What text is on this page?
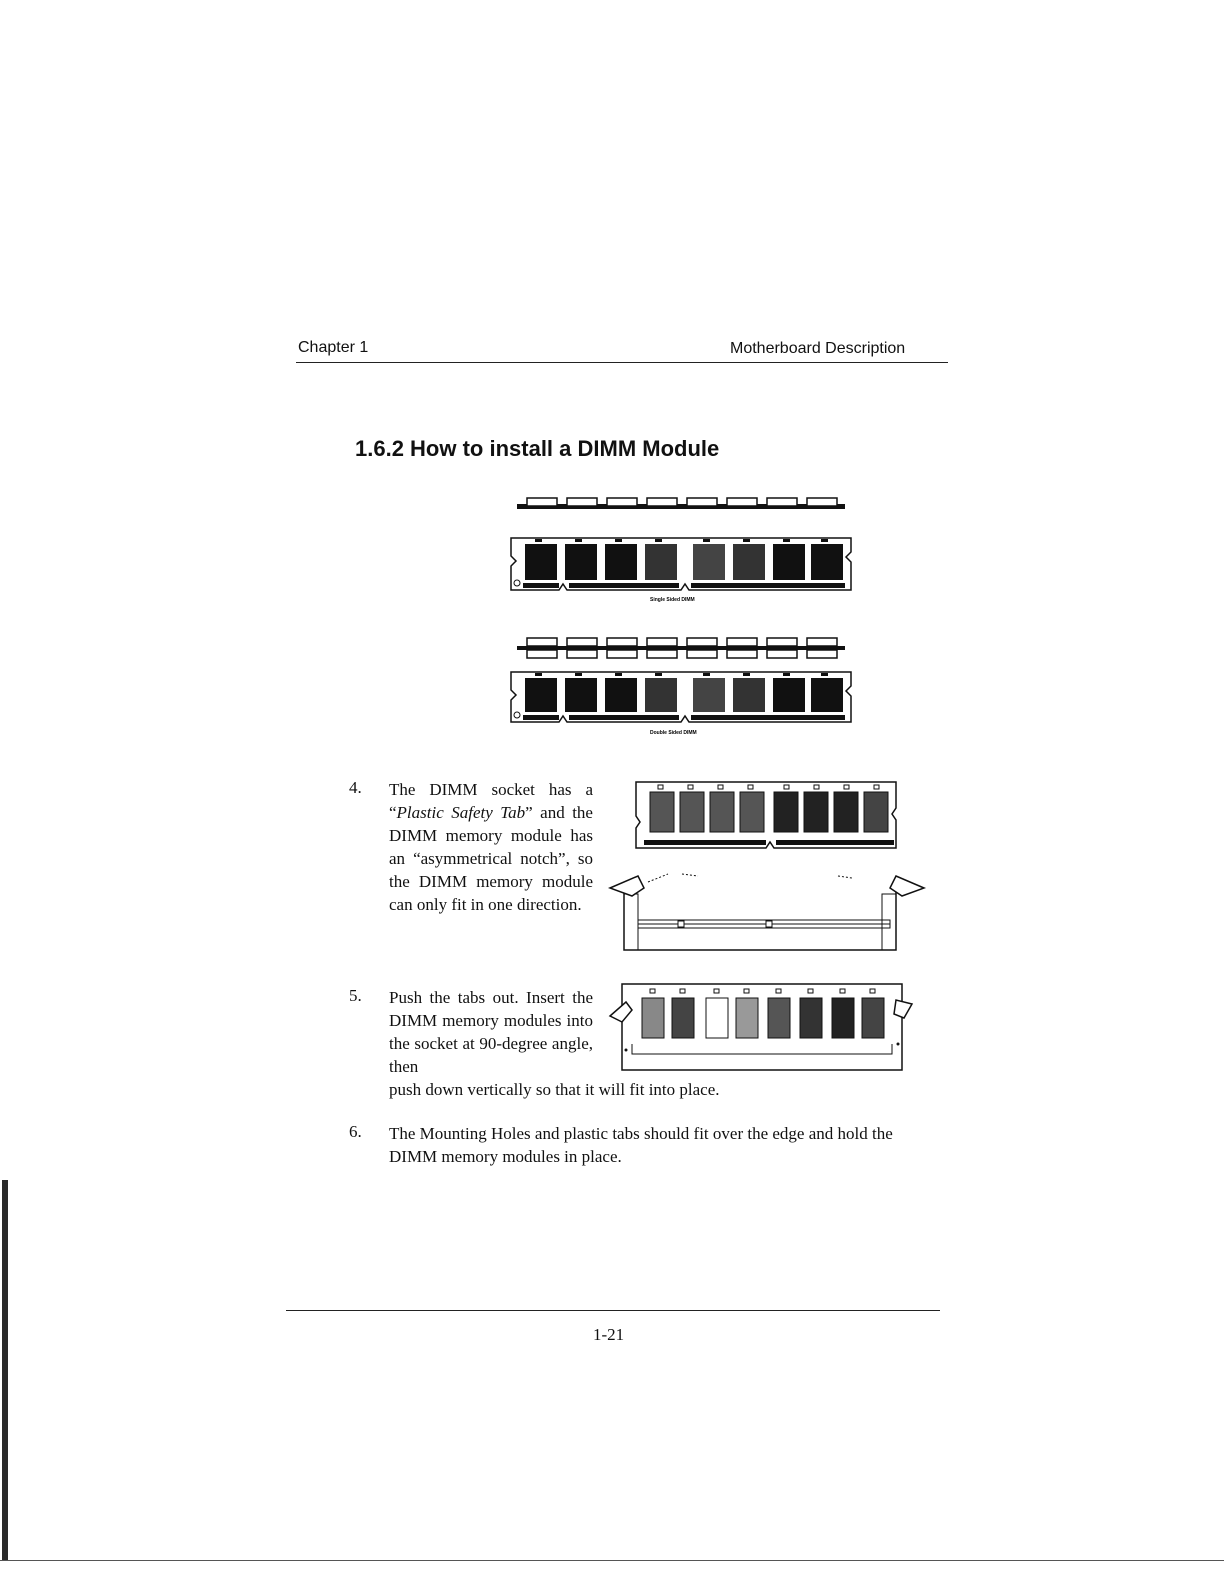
Chapter 1	Motherboard Description
1.6.2 How to install a DIMM Module
Single Sided DIMM
Double Sided DIMM
4. The DIMM socket has a “Plastic Safety Tab” and the DIMM memory module has an “asymmetrical notch”, so the DIMM memory module can only fit in one direction.
5. Push the tabs out. Insert the DIMM memory modules into the socket at 90-degree angle, then
push down vertically so that it will fit into place.
6. The Mounting Holes and plastic tabs should fit over the edge and hold the DIMM memory modules in place.
1-21
